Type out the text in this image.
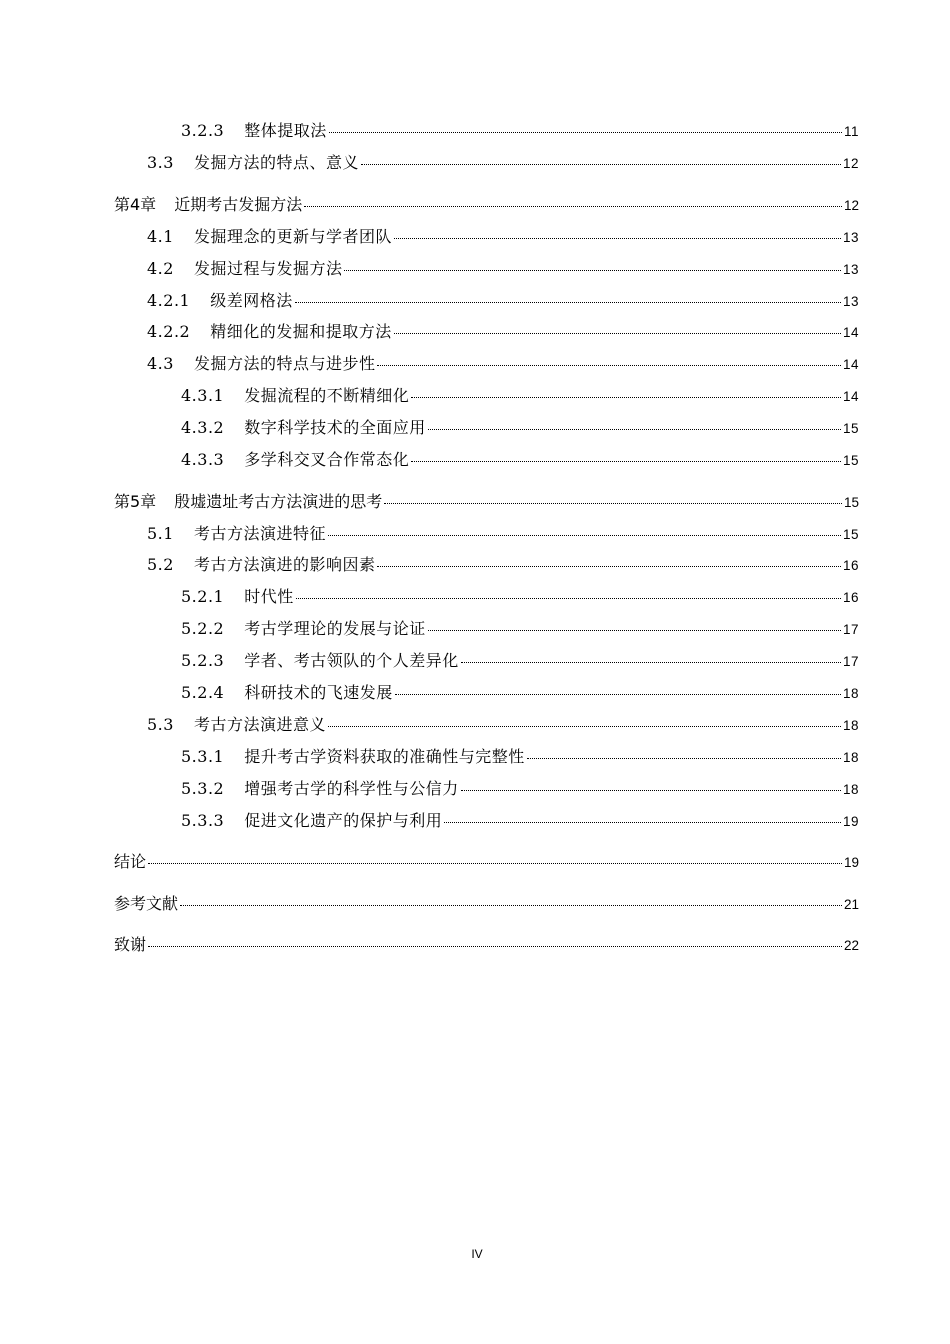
3.2.3 整体提取法	11
3.3 发掘方法的特点、意义	12
第4章 近期考古发掘方法	12
4.1 发掘理念的更新与学者团队	13
4.2 发掘过程与发掘方法	13
4.2.1 级差网格法	13
4.2.2 精细化的发掘和提取方法	14
4.3 发掘方法的特点与进步性	14
4.3.1 发掘流程的不断精细化	14
4.3.2 数字科学技术的全面应用	15
4.3.3 多学科交叉合作常态化	15
第5章 殷墟遗址考古方法演进的思考	15
5.1 考古方法演进特征	15
5.2 考古方法演进的影响因素	16
5.2.1 时代性	16
5.2.2 考古学理论的发展与论证	17
5.2.3 学者、考古领队的个人差异化	17
5.2.4 科研技术的飞速发展	18
5.3 考古方法演进意义	18
5.3.1 提升考古学资料获取的准确性与完整性	18
5.3.2 增强考古学的科学性与公信力	18
5.3.3 促进文化遗产的保护与利用	19
结论	19
参考文献	21
致谢	22
IV
